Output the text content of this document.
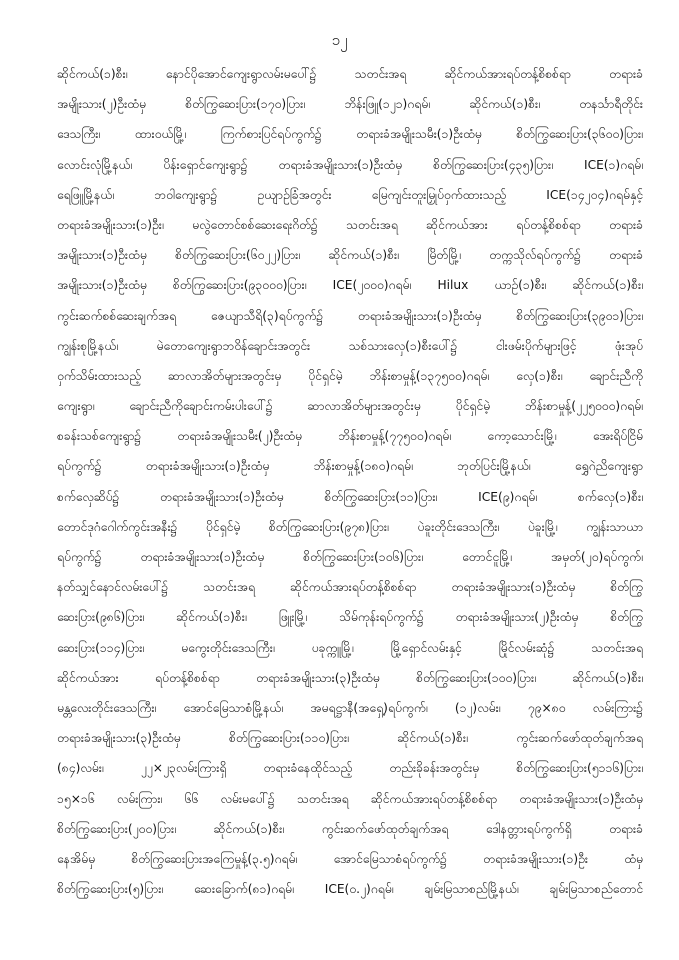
၁၂
ဆိုင်ကယ်(၁)စီး၊ နောင်ပိုအောင်ကျေးရွာလမ်းမပေါ်၌ သတင်းအရ ဆိုင်ကယ်အားရပ်တန့်စိစစ်ရာ တရားခံ
အမျိုးသား(၂)ဦးထံမှ စိတ်ကြွဆေးပြား(၁၇၀)ပြား၊ ဘိန်းဖြူ(၁၂၁)ဂရမ်၊ ဆိုင်ကယ်(၁)စီး၊ တနင်္သာရီတိုင်း
ဒေသကြီး၊ ထားဝယ်မြို့၊ ကြက်စားပြင်ရပ်ကွက်၌ တရားခံအမျိုးသမီး(၁)ဦးထံမှ စိတ်ကြွဆေးပြား(၃၆၀၀)ပြား၊
လောင်းလုံမြို့နယ်၊ ပိန်းရှောင်ကျေးရွာ၌ တရားခံအမျိုးသား(၁)ဦးထံမှ စိတ်ကြွဆေးပြား(၄၃၅)ပြား၊ ICE(၁)ဂရမ်၊
ရေဖြူမြို့နယ်၊ ဘဝါကျေးရွာ၌ ဥယျာဉ်ခြံအတွင်း မြေကျင်းတူးမြှုပ်ဝှက်ထားသည့် ICE(၁၄၂၀၄)ဂရမ်နှင့်
တရားခံအမျိုးသား(၁)ဦး၊ မလွဲတောင်စစ်ဆေးရေးဂိတ်၌ သတင်းအရ ဆိုင်ကယ်အား ရပ်တန့်စိစစ်ရာ တရားခံ
အမျိုးသား(၁)ဦးထံမှ စိတ်ကြွဆေးပြား(၆၀၂၂)ပြား၊ ဆိုင်ကယ်(၁)စီး၊ မြိတ်မြို့၊ တက္ကသိုလ်ရပ်ကွက်၌ တရားခံ
အမျိုးသား(၁)ဦးထံမှ စိတ်ကြွဆေးပြား(၉၃၀၀၀)ပြား၊ ICE(၂၀၀၀)ဂရမ်၊ Hilux ယာဉ်(၁)စီး၊ ဆိုင်ကယ်(၁)စီး၊
ကွင်းဆက်စစ်ဆေးချက်အရ ဇေယျာသီရိ(၃)ရပ်ကွက်၌ တရားခံအမျိုးသား(၁)ဦးထံမှ စိတ်ကြွဆေးပြား(၃၉၀၁)ပြား၊
ကျွန်းစုမြို့နယ်၊ မဲတောကျေးရွာဘဝိန်ချောင်းအတွင်း သစ်သားလှေ(၁)စီးပေါ်၌ ငါးဖမ်းပိုက်များဖြင့် ဖုံးအုပ်
ဝှက်သိမ်းထားသည့် ဆာလာအိတ်များအတွင်းမှ ပိုင်ရှင်မဲ့ ဘိန်းစာမှုန့်(၁၃၇၅၀၀)ဂရမ်၊ လှေ(၁)စီး၊ ချောင်းညီကို
ကျေးရွာ၊ ချောင်းညီကိုချောင်းကမ်းပါးပေါ်၌ ဆာလာအိတ်များအတွင်းမှ ပိုင်ရှင်မဲ့ ဘိန်းစာမှုန့်(၂၂၅၀၀၀)ဂရမ်၊
စခန်းသစ်ကျေးရွာ၌ တရားခံအမျိုးသမီး(၂)ဦးထံမှ ဘိန်းစာမှုန့်(၇၇၅၀၀)ဂရမ်၊ ကော့သောင်းမြို့၊ အေးရိပ်ငြိမ်
ရပ်ကွက်၌ တရားခံအမျိုးသား(၁)ဦးထံမှ ဘိန်းစာမှုန့်(၁၈၀)ဂရမ်၊ ဘုတ်ပြင်းမြို့နယ်၊ ရွှေဂဲညိကျေးရွာ
စက်လှေဆိပ်၌ တရားခံအမျိုးသား(၁)ဦးထံမှ စိတ်ကြွဆေးပြား(၁၁)ပြား၊ ICE(၉)ဂရမ်၊ စက်လှေ(၁)စီး၊
တောင်ဒုဂံဂေါက်ကွင်းအနီး၌ ပိုင်ရှင်မဲ့ စိတ်ကြွဆေးပြား(၉၇၈)ပြား၊ ပဲခူးတိုင်းဒေသကြီး၊ ပဲခူးမြို့၊ ကျွန်းသာယာ
ရပ်ကွက်၌ တရားခံအမျိုးသား(၁)ဦးထံမှ စိတ်ကြွဆေးပြား(၁၀၆)ပြား၊ တောင်ငူမြို့၊ အမှတ်(၂၀)ရပ်ကွက်၊
နတ်သျှင်နောင်လမ်းပေါ်၌ သတင်းအရ ဆိုင်ကယ်အားရပ်တန့်စိစစ်ရာ တရားခံအမျိုးသား(၁)ဦးထံမှ စိတ်ကြွ
ဆေးပြား(၉၈၆)ပြား၊ ဆိုင်ကယ်(၁)စီး၊ ဖြူးမြို့၊ သိမ်ကုန်းရပ်ကွက်၌ တရားခံအမျိုးသား(၂)ဦးထံမှ စိတ်ကြွ
ဆေးပြား(၁၁၄)ပြား၊ မကွေးတိုင်းဒေသကြီး၊ ပခုက္ကူမြို့၊ မြို့ရှောင်လမ်းနှင့် မြိုင်လမ်းဆုံ၌ သတင်းအရ
ဆိုင်ကယ်အား ရပ်တန့်စိစစ်ရာ တရားခံအမျိုးသား(၃)ဦးထံမှ စိတ်ကြွဆေးပြား(၁၀၀)ပြား၊ ဆိုင်ကယ်(၁)စီး၊
မန္တလေးတိုင်းဒေသကြီး၊ အောင်မြေသာစံမြို့နယ်၊ အမရဋ္ဌာနီ(အရှေ့)ရပ်ကွက်၊ (၁၂)လမ်း၊ ၇၉×၈၀ လမ်းကြား၌
တရားခံအမျိုးသား(၃)ဦးထံမှ စိတ်ကြွဆေးပြား(၁၁၀)ပြား၊ ဆိုင်ကယ်(၁)စီး၊ ကွင်းဆက်ဖော်ထုတ်ချက်အရ
(၈၄)လမ်း၊ ၂၂×၂၃လမ်းကြားရှိ တရားခံနေထိုင်သည့် တည်းခိုခန်းအတွင်းမှ စိတ်ကြွဆေးပြား(၅၁၁၆)ပြား၊
၁၅×၁၆ လမ်းကြား၊ ၆၆ လမ်းမပေါ်၌ သတင်းအရ ဆိုင်ကယ်အားရပ်တန့်စိစစ်ရာ တရားခံအမျိုးသား(၁)ဦးထံမှ
စိတ်ကြွဆေးပြား(၂၀၀)ပြား၊ ဆိုင်ကယ်(၁)စီး၊ ကွင်းဆက်ဖော်ထုတ်ချက်အရ ဒေါနတ္တားရပ်ကွက်ရှိ တရားခံ
နေအိမ်မှ စိတ်ကြွဆေးပြားအကြေမှုန့်(၃.၅)ဂရမ်၊ အောင်မြေသာစံရပ်ကွက်၌ တရားခံအမျိုးသား(၁)ဦး ထံမှ
စိတ်ကြွဆေးပြား(၅)ပြား၊ ဆေးခြောက်(၈၁)ဂရမ်၊ ICE(၀.၂)ဂရမ်၊ ချမ်းမြသာစည်မြို့နယ်၊ ချမ်းမြသာစည်တောင်
